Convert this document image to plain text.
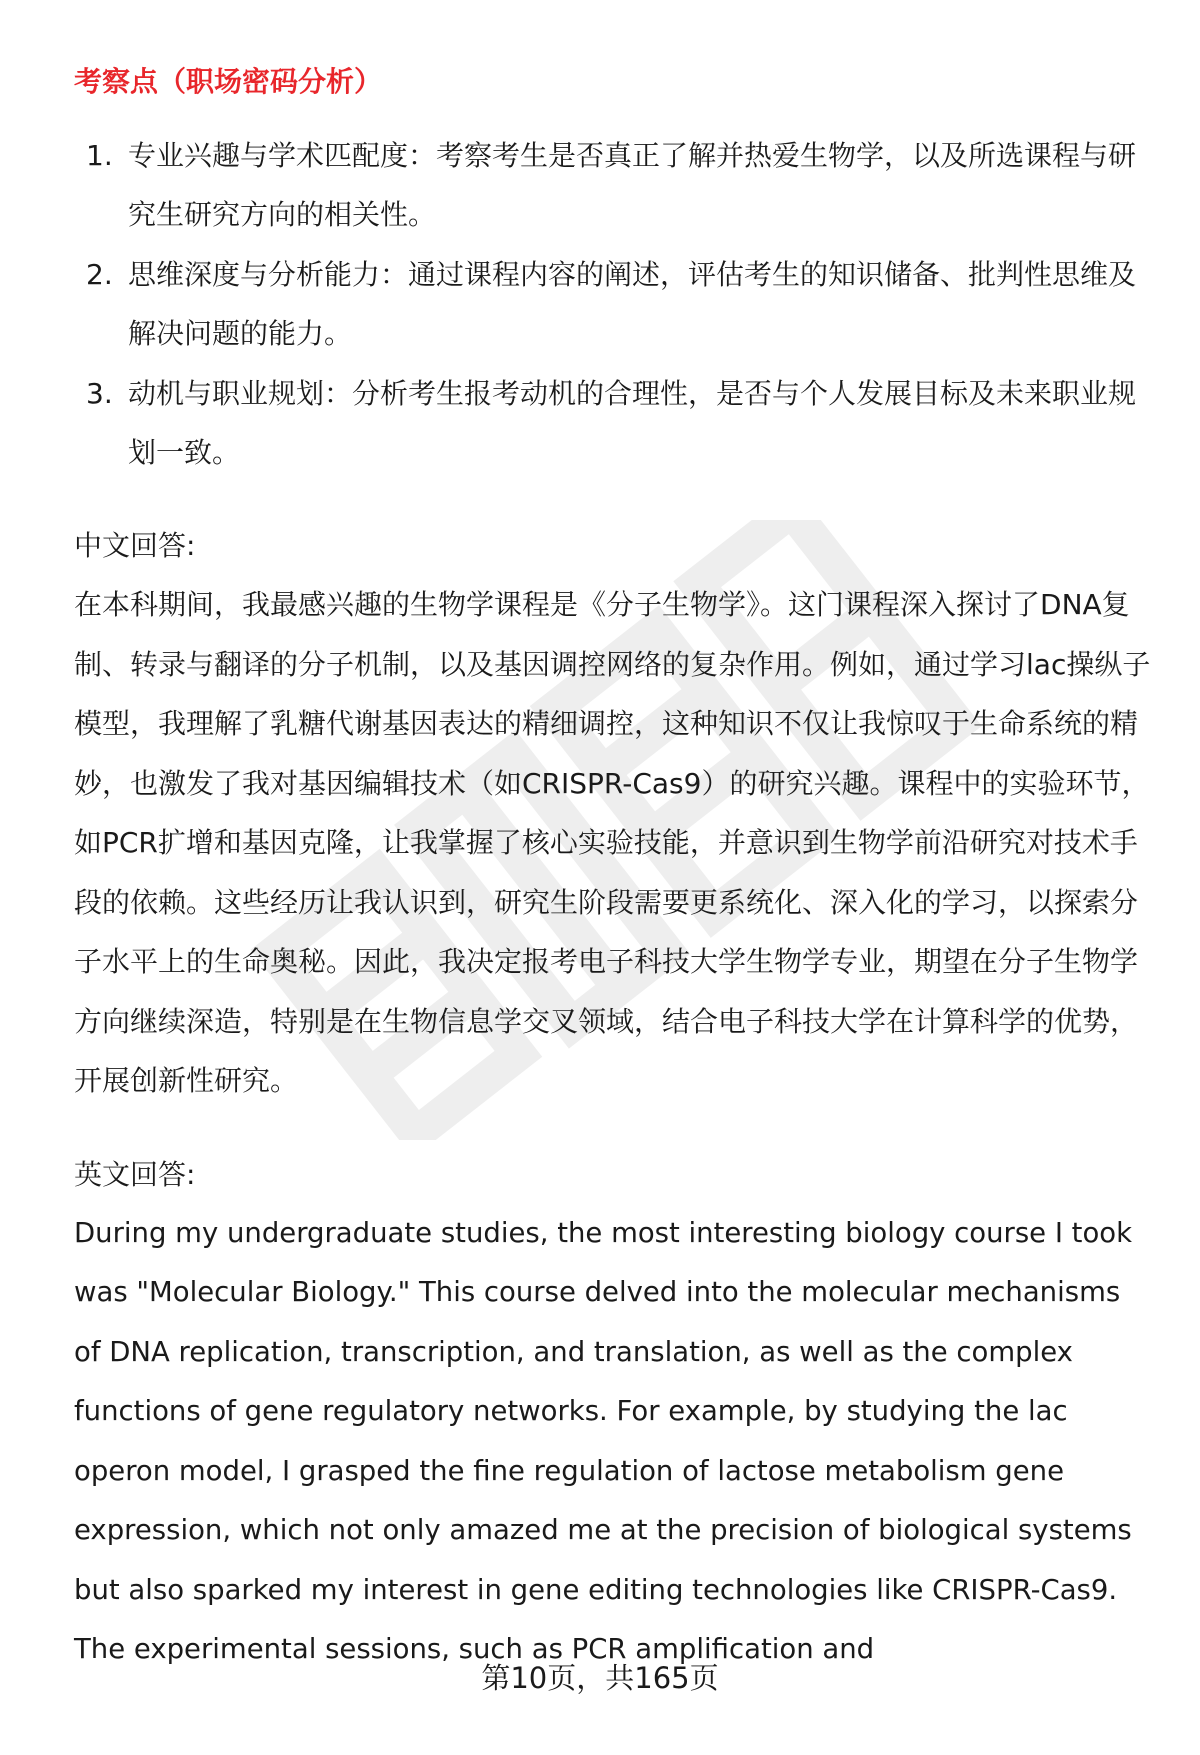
考察点（职场密码分析）
1. 专业兴趣与学术匹配度：考察考生是否真正了解并热爱生物学，以及所选课程与研究生研究方向的相关性。
2. 思维深度与分析能力：通过课程内容的阐述，评估考生的知识储备、批判性思维及解决问题的能力。
3. 动机与职业规划：分析考生报考动机的合理性，是否与个人发展目标及未来职业规划一致。
中文回答:

在本科期间，我最感兴趣的生物学课程是《分子生物学》。这门课程深入探讨了DNA复制、转录与翻译的分子机制，以及基因调控网络的复杂作用。例如，通过学习lac操纵子模型，我理解了乳糖代谢基因表达的精细调控，这种知识不仅让我惊叹于生命系统的精妙，也激发了我对基因编辑技术（如CRISPR-Cas9）的研究兴趣。课程中的实验环节，如PCR扩增和基因克隆，让我掌握了核心实验技能，并意识到生物学前沿研究对技术手段的依赖。这些经历让我认识到，研究生阶段需要更系统化、深入化的学习，以探索分子水平上的生命奥秘。因此，我决定报考电子科技大学生物学专业，期望在分子生物学方向继续深造，特别是在生物信息学交叉领域，结合电子科技大学在计算科学的优势，开展创新性研究。

英文回答:

During my undergraduate studies, the most interesting biology course I took was "Molecular Biology." This course delved into the molecular mechanisms of DNA replication, transcription, and translation, as well as the complex functions of gene regulatory networks. For example, by studying the lac operon model, I grasped the fine regulation of lactose metabolism gene expression, which not only amazed me at the precision of biological systems but also sparked my interest in gene editing technologies like CRISPR-Cas9. The experimental sessions, such as PCR amplification and

第10页，共165页
